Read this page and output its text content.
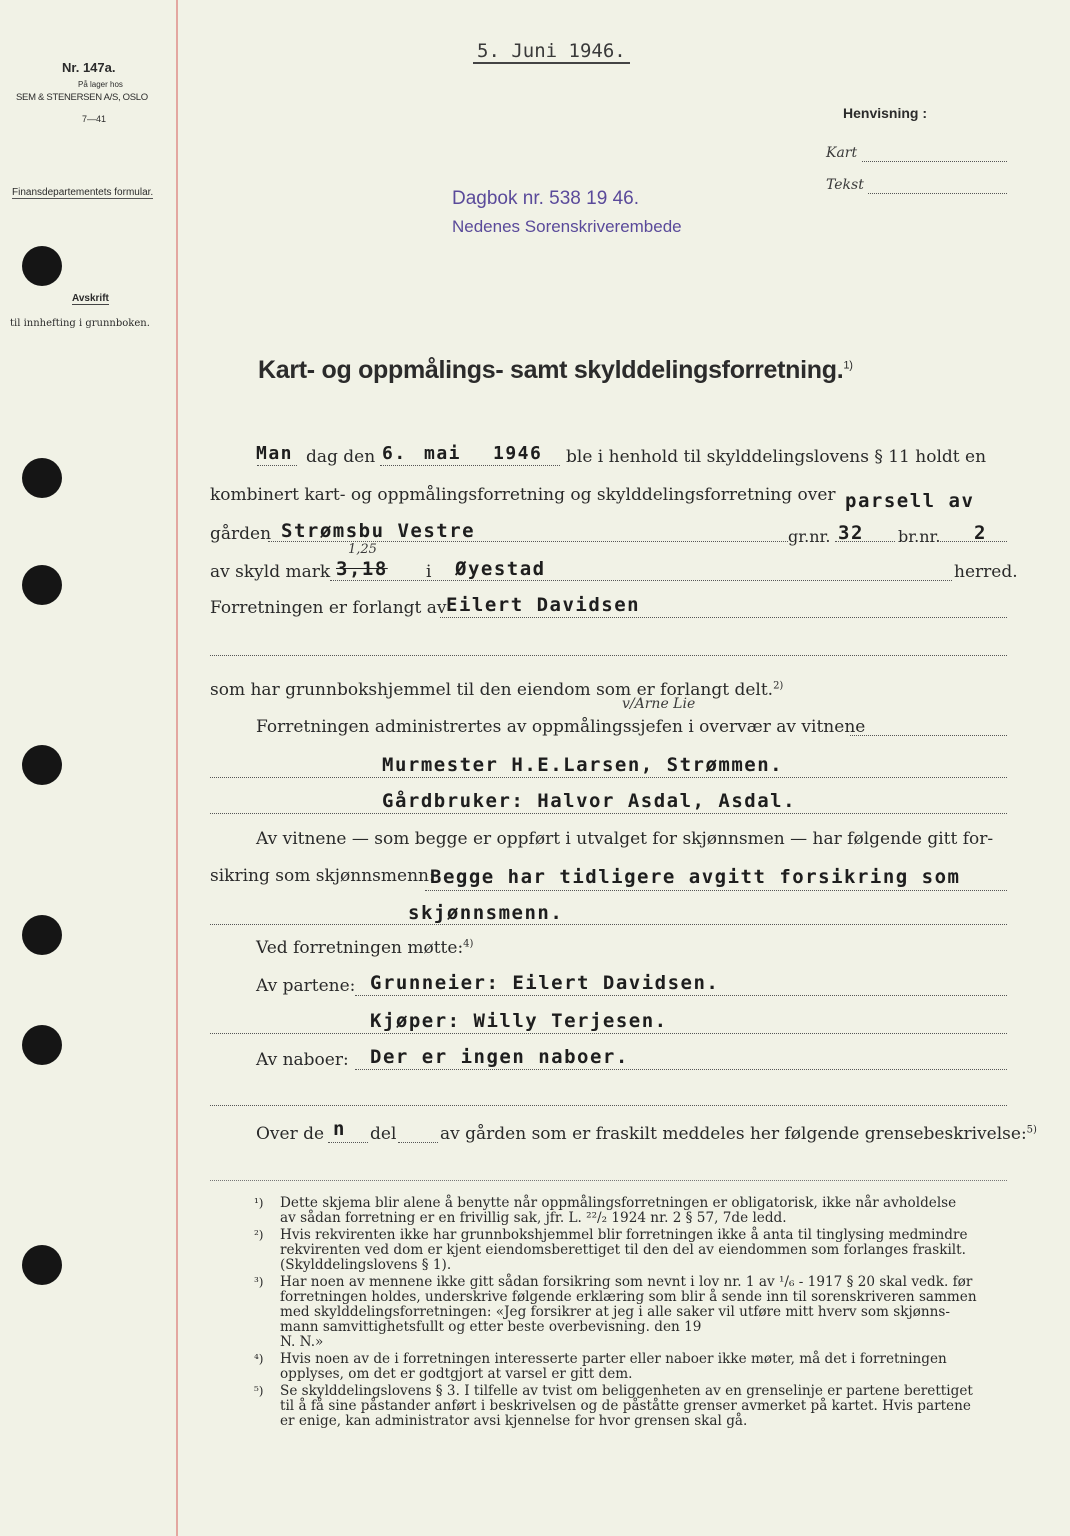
Nr. 147a.
På lager hos
SEM & STENERSEN A/S, OSLO
7—41
Finansdepartementets formular.
Avskrift
til innhefting i grunnboken.
5. Juni 1946.
Henvisning :
Kart
Tekst
Dagbok nr. 538 19 46.
Nedenes Sorenskriverembede
Kart- og oppmålings- samt skylddelingsforretning.$^{1)}$
Man dag den 6. mai 1946 ble i henhold til skylddelingslovens § 11 holdt en
kombinert kart- og oppmålingsforretning og skylddelingsforretning over parsell av
gården Strømsbu Vestre	gr.nr. 32 br.nr. 2
av skyld mark
1,25
3,18 i Øyestad	herred.
Forretningen er forlangt av Eilert Davidsen
som har grunnbokshjemmel til den eiendom som er forlangt delt.$^{2)}$
v/Arne Lie
Forretningen administrertes av oppmålingssjefen i overvær av vitnene
Murmester H.E.Larsen, Strømmen.
Gårdbruker: Halvor Asdal, Asdal.
Av vitnene — som begge er oppført i utvalget for skjønnsmen — har følgende gitt for-
sikring som skjønnsmenn:
Begge har tidligere avgitt forsikring som
skjønnsmenn.
Ved forretningen møtte:$^{4)}$
Av partene: Grunneier: Eilert Davidsen.
Kjøper: Willy Terjesen.
Av naboer: Der er ingen naboer.
Over de n del	av gården som er fraskilt meddeles her følgende grensebeskrivelse:$^{5)}$
¹) Dette skjema blir alene å benytte når oppmålingsforretningen er obligatorisk, ikke når avholdelse
av sådan forretning er en frivillig sak, jfr. L. ²²/₂ 1924 nr. 2 § 57, 7de ledd.
²) Hvis rekvirenten ikke har grunnbokshjemmel blir forretningen ikke å anta til tinglysing medmindre
rekvirenten ved dom er kjent eiendomsberettiget til den del av eiendommen som forlanges fraskilt.
(Skylddelingslovens § 1).
³) Har noen av mennene ikke gitt sådan forsikring som nevnt i lov nr. 1 av ¹/₆ - 1917 § 20 skal vedk. før
forretningen holdes, underskrive følgende erklæring som blir å sende inn til sorenskriveren sammen
med skylddelingsforretningen: «Jeg forsikrer at jeg i alle saker vil utføre mitt hverv som skjønns-
mann samvittighetsfullt og etter beste overbevisning. den 19
N. N.»
⁴) Hvis noen av de i forretningen interesserte parter eller naboer ikke møter, må det i forretningen
opplyses, om det er godtgjort at varsel er gitt dem.
⁵) Se skylddelingslovens § 3. I tilfelle av tvist om beliggenheten av en grenselinje er partene berettiget
til å få sine påstander anført i beskrivelsen og de påståtte grenser avmerket på kartet. Hvis partene
er enige, kan administrator avsi kjennelse for hvor grensen skal gå.
